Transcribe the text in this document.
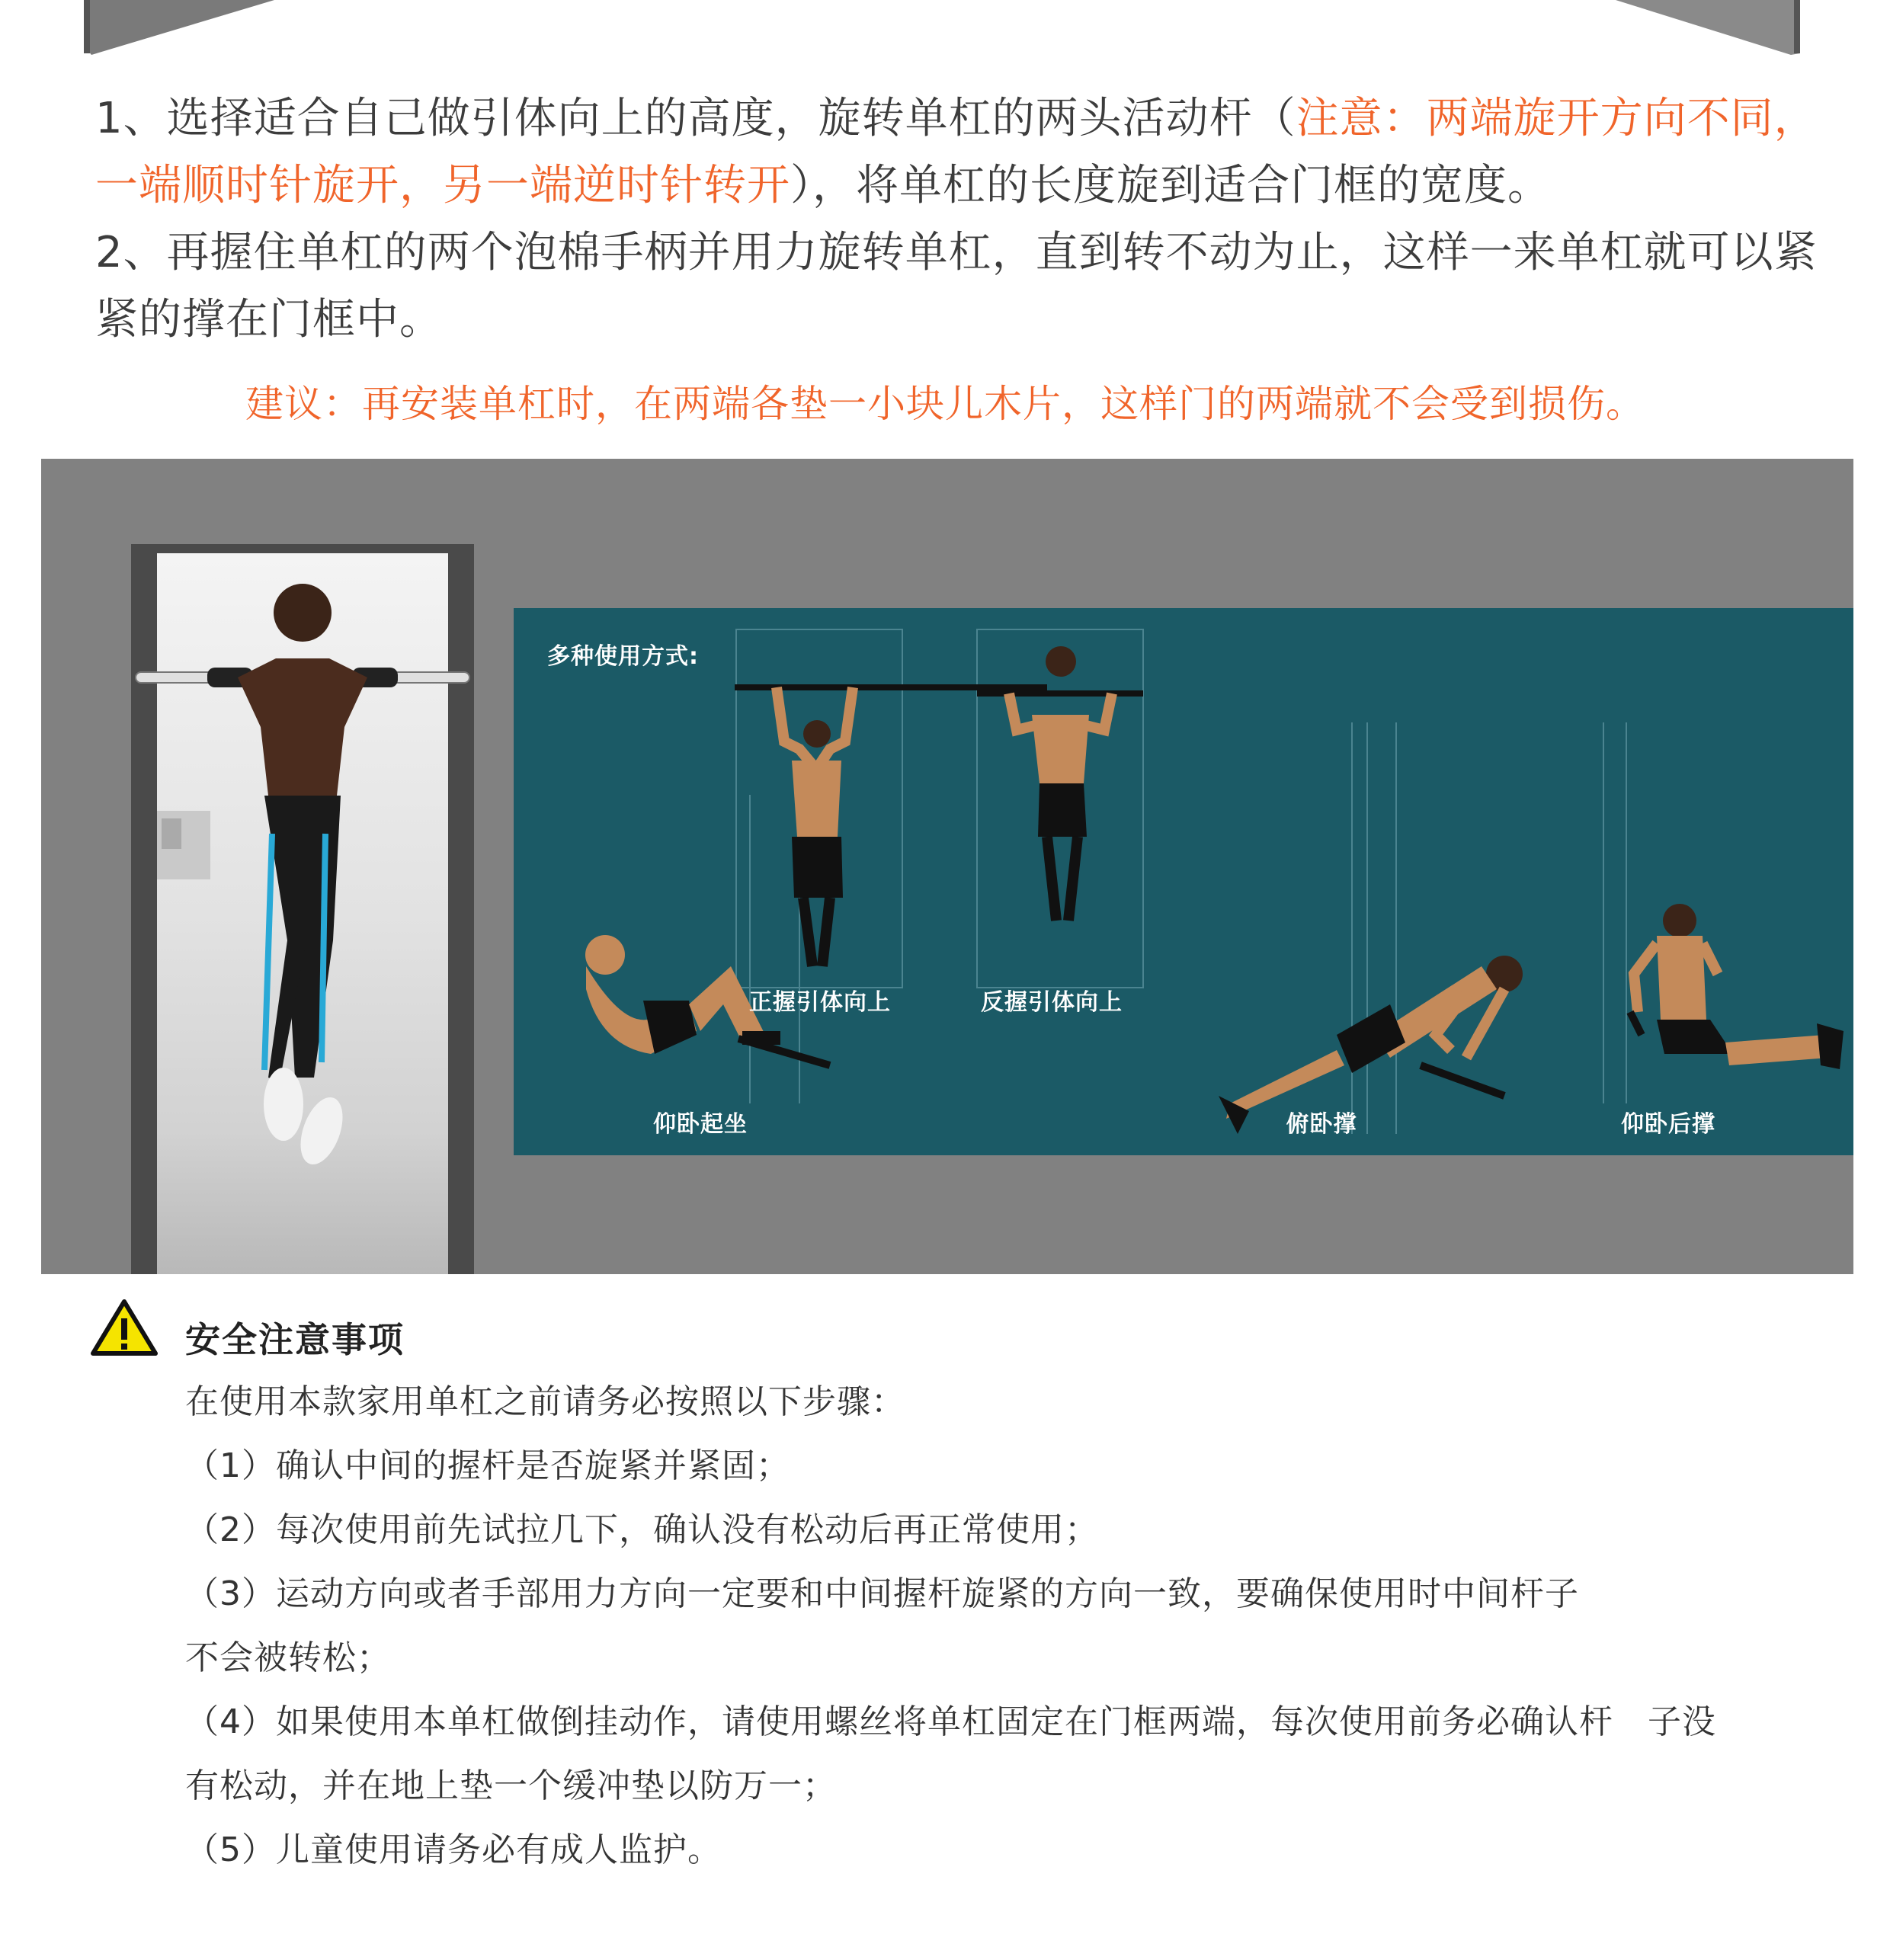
1、选择适合自己做引体向上的高度，旋转单杠的两头活动杆（注意：两端旋开方向不同，一端顺时针旋开，另一端逆时针转开），将单杠的长度旋到适合门框的宽度。

2、再握住单杠的两个泡棉手柄并用力旋转单杠，直到转不动为止，这样一来单杠就可以紧紧的撑在门框中。

建议：再安装单杠时，在两端各垫一小块儿木片，这样门的两端就不会受到损伤。
多种使用方式:
仰卧起坐
正握引体向上	反握引体向上
俯卧撑	仰卧后撑
安全注意事项

在使用本款家用单杠之前请务必按照以下步骤：

（1）确认中间的握杆是否旋紧并紧固；

（2）每次使用前先试拉几下，确认没有松动后再正常使用；

（3）运动方向或者手部用力方向一定要和中间握杆旋紧的方向一致，要确保使用时中间杆子

不会被转松；

（4）如果使用本单杠做倒挂动作，请使用螺丝将单杠固定在门框两端，每次使用前务必确认杆　子没

有松动，并在地上垫一个缓冲垫以防万一；

（5）儿童使用请务必有成人监护。
